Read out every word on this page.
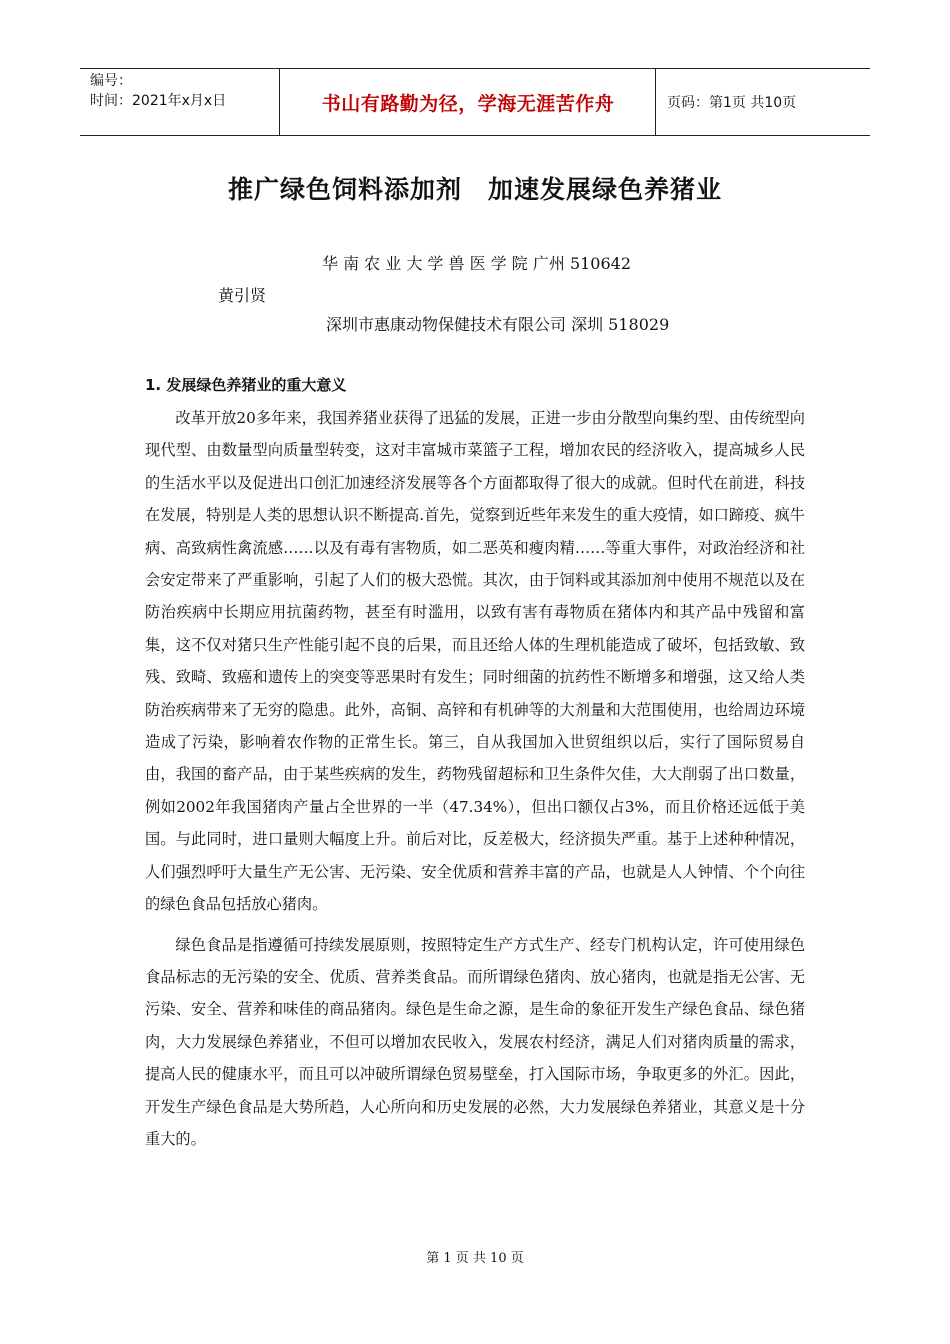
编号：
时间：2021年x月x日	书山有路勤为径，学海无涯苦作舟	页码：第1页 共10页
推广绿色饲料添加剂 加速发展绿色养猪业
华 南 农 业 大 学 兽 医 学 院 广州 510642
黄引贤
深圳市惠康动物保健技术有限公司 深圳 518029
1. 发展绿色养猪业的重大意义

改革开放20多年来，我国养猪业获得了迅猛的发展，正进一步由分散型向集约型、由传统型向现代型、由数量型向质量型转变，这对丰富城市菜篮子工程，增加农民的经济收入，提高城乡人民的生活水平以及促进出口创汇加速经济发展等各个方面都取得了很大的成就。但时代在前进，科技在发展，特别是人类的思想认识不断提高.首先，觉察到近些年来发生的重大疫情，如口蹄疫、疯牛病、高致病性禽流感……以及有毒有害物质，如二恶英和瘦肉精……等重大事件，对政治经济和社会安定带来了严重影响，引起了人们的极大恐慌。其次，由于饲料或其添加剂中使用不规范以及在防治疾病中长期应用抗菌药物，甚至有时滥用，以致有害有毒物质在猪体内和其产品中残留和富集，这不仅对猪只生产性能引起不良的后果，而且还给人体的生理机能造成了破坏，包括致敏、致残、致畸、致癌和遗传上的突变等恶果时有发生；同时细菌的抗药性不断增多和增强，这又给人类防治疾病带来了无穷的隐患。此外，高铜、高锌和有机砷等的大剂量和大范围使用，也给周边环境造成了污染，影响着农作物的正常生长。第三，自从我国加入世贸组织以后，实行了国际贸易自由，我国的畜产品，由于某些疾病的发生，药物残留超标和卫生条件欠佳，大大削弱了出口数量，例如2002年我国猪肉产量占全世界的一半（47.34%），但出口额仅占3%，而且价格还远低于美国。与此同时，进口量则大幅度上升。前后对比，反差极大，经济损失严重。基于上述种种情况，人们强烈呼吁大量生产无公害、无污染、安全优质和营养丰富的产品，也就是人人钟情、个个向往的绿色食品包括放心猪肉。

绿色食品是指遵循可持续发展原则，按照特定生产方式生产、经专门机构认定，许可使用绿色食品标志的无污染的安全、优质、营养类食品。而所谓绿色猪肉、放心猪肉，也就是指无公害、无污染、安全、营养和味佳的商品猪肉。绿色是生命之源，是生命的象征开发生产绿色食品、绿色猪肉，大力发展绿色养猪业，不但可以增加农民收入，发展农村经济，满足人们对猪肉质量的需求，提高人民的健康水平，而且可以冲破所谓绿色贸易壁垒，打入国际市场，争取更多的外汇。因此，开发生产绿色食品是大势所趋，人心所向和历史发展的必然，大力发展绿色养猪业，其意义是十分重大的。

第 1 页 共 10 页
